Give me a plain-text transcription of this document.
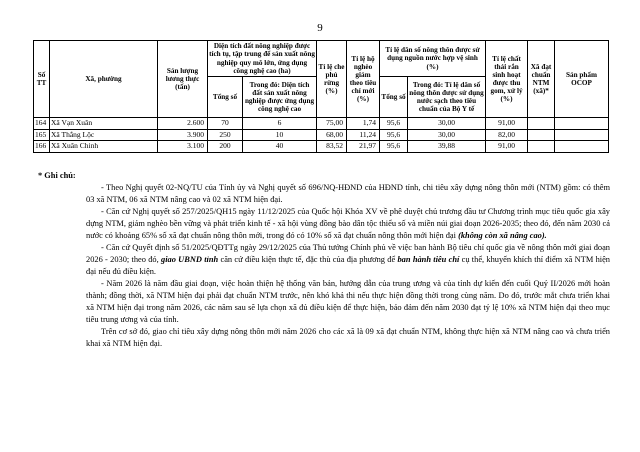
9
Số TT	Xã, phường	Sản lượng lương thực (tấn)	Diện tích đất nông nghiệp được tích tụ, tập trung để sản xuất nông nghiệp quy mô lớn, ứng dụng công nghệ cao (ha)		Tỉ lệ che phủ rừng (%)	Tỉ lệ hộ nghèo giảm theo tiêu chí mới (%)	Tỉ lệ dân số nông thôn được sử dụng nguồn nước hợp vệ sinh (%)		Tỉ lệ chất thải rắn sinh hoạt được thu gom, xử lý (%)	Xã đạt chuẩn NTM (xã)*	Sản phẩm OCOP
			Tổng số	Trong đó: Diện tích đất sản xuất nông nghiệp được ứng dụng công nghệ cao			Tổng số	Trong đó: Tỉ lệ dân số nông thôn được sử dụng nước sạch theo tiêu chuẩn của Bộ Y tế			
164	Xã Vạn Xuân	2.600	70	6	75,00	1,74	95,6	30,00	91,00		
165	Xã Thắng Lộc	3.900	250	10	68,00	11,24	95,6	30,00	82,00		
166	Xã Xuân Chinh	3.100	200	40	83,52	21,97	95,6	39,88	91,00		

* Ghi chú:

- Theo Nghị quyết 02-NQ/TU của Tỉnh ủy và Nghị quyết số 696/NQ-HĐND của HĐND tỉnh, chi tiêu xây dựng nông thôn mới (NTM) gồm: có thêm 03 xã NTM, 06 xã NTM nâng cao và 02 xã NTM hiện đại.

- Căn cứ Nghị quyết số 257/2025/QH15 ngày 11/12/2025 của Quốc hội Khóa XV về phê duyệt chủ trương đầu tư Chương trình mục tiêu quốc gia xây dựng NTM, giảm nghèo bền vững và phát triển kinh tế - xã hội vùng đồng bào dân tộc thiểu số và miền núi giai đoạn 2026-2035; theo đó, đến năm 2030 cả nước có khoảng 65% số xã đạt chuẩn nông thôn mới, trong đó có 10% số xã đạt chuẩn nông thôn mới hiện đại (không còn xã nâng cao).

- Căn cứ Quyết định số 51/2025/QĐTTg ngày 29/12/2025 của Thủ tướng Chính phủ về việc ban hành Bộ tiêu chí quốc gia về nông thôn mới giai đoạn 2026 - 2030; theo đó, giao UBND tỉnh căn cứ điều kiện thực tế, đặc thù của địa phương để ban hành tiêu chí cụ thể, khuyến khích thí điểm xã NTM hiện đại nếu đủ điều kiện.

- Năm 2026 là năm đầu giai đoạn, việc hoàn thiện hệ thống văn bản, hướng dẫn của trung ương và của tỉnh dự kiến đến cuối Quý II/2026 mới hoàn thành; đồng thời, xã NTM hiện đại phải đạt chuẩn NTM trước, nên khó khả thi nếu thực hiện đồng thời trong cùng năm. Do đó, trước mắt chưa triển khai xã NTM hiện đại trong năm 2026, các năm sau sẽ lựa chọn xã đủ điều kiện để thực hiện, bảo đảm đến năm 2030 đạt tỷ lệ 10% xã NTM hiện đại theo mục tiêu trung ương và của tỉnh.

Trên cơ sở đó, giao chỉ tiêu xây dựng nông thôn mới năm 2026 cho các xã là 09 xã đạt chuẩn NTM, không thực hiện xã NTM nâng cao và chưa triển khai xã NTM hiện đại.
